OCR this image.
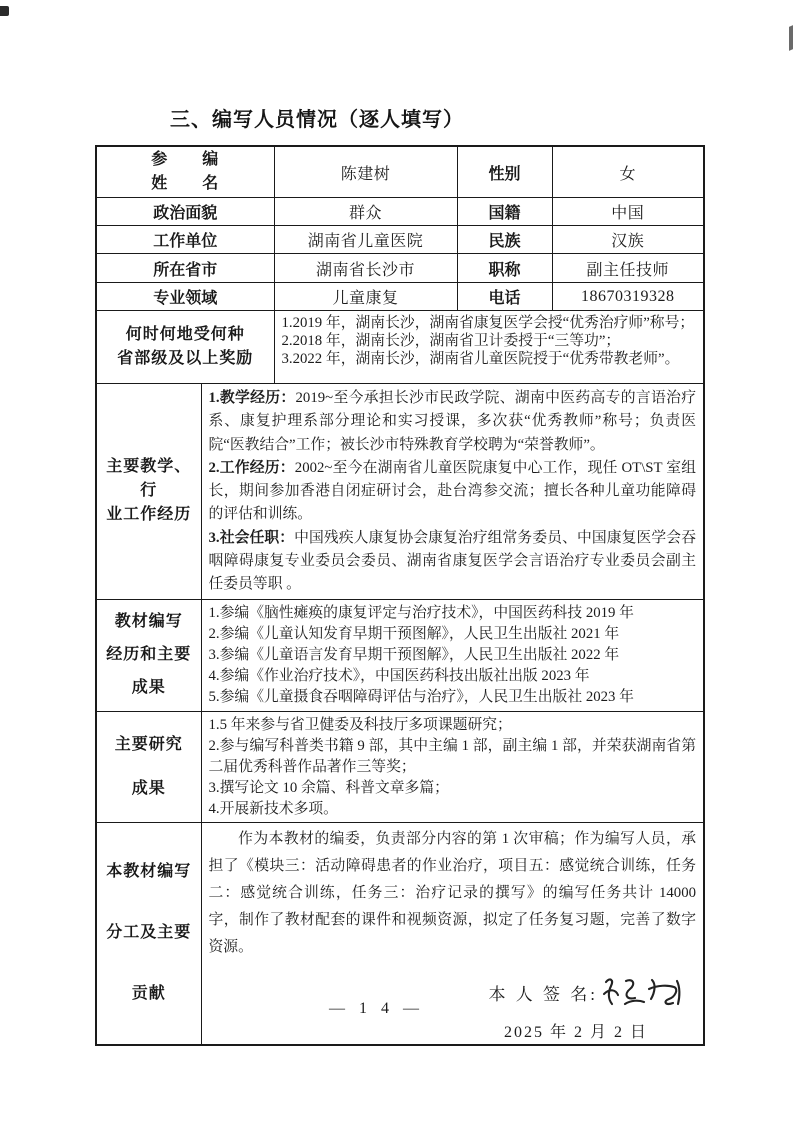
三、编写人员情况（逐人填写）
参　　编
姓　　名		陈建树	性别	女
政治面貌		群众	国籍	中国
工作单位		湖南省儿童医院	民族	汉族
所在省市		湖南省长沙市	职称	副主任技师
专业领域		儿童康复	电话	18670319328

何时何地受何种
省部级及以上奖励

1.2019 年，湖南长沙，湖南省康复医学会授“优秀治疗师”称号；
2.2018 年，湖南长沙，湖南省卫计委授于“三等功”；
3.2022 年，湖南长沙，湖南省儿童医院授于“优秀带教老师”。

主要教学、行
业工作经历

1.教学经历：2019~至今承担长沙市民政学院、湖南中医药高专的言语治疗系、康复护理系部分理论和实习授课，多次获“优秀教师”称号；负责医院“医教结合”工作；被长沙市特殊教育学校聘为“荣誉教师”。
2.工作经历：2002~至今在湖南省儿童医院康复中心工作，现任 OT\ST 室组长，期间参加香港自闭症研讨会，赴台湾参交流；擅长各种儿童功能障碍的评估和训练。
3.社会任职：中国残疾人康复协会康复治疗组常务委员、中国康复医学会吞咽障碍康复专业委员会委员、湖南省康复医学会言语治疗专业委员会副主任委员等职 。

教材编写
经历和主要
成果

1.参编《脑性瘫痪的康复评定与治疗技术》，中国医药科技 2019 年
2.参编《儿童认知发育早期干预图解》，人民卫生出版社 2021 年
3.参编《儿童语言发育早期干预图解》，人民卫生出版社 2022 年
4.参编《作业治疗技术》，中国医药科技出版社出版 2023 年
5.参编《儿童摄食吞咽障碍评估与治疗》，人民卫生出版社 2023 年

主要研究
成果

1.5 年来参与省卫健委及科技厅多项课题研究；
2.参与编写科普类书籍 9 部，其中主编 1 部，副主编 1 部，并荣获湖南省第二届优秀科普作品著作三等奖；
3.撰写论文 10 余篇、科普文章多篇；
4.开展新技术多项。

本教材编写
分工及主要
贡献

作为本教材的编委，负责部分内容的第 1 次审稿；作为编写人员，承担了《模块三：活动障碍患者的作业治疗，项目五：感觉统合训练，任务二：感觉统合训练，任务三：治疗记录的撰写》的编写任务共计 14000 字，制作了教材配套的课件和视频资源，拟定了任务复习题，完善了数字资源。

本 人 签 名:
2025 年 2 月 2 日
— 1 4 —
